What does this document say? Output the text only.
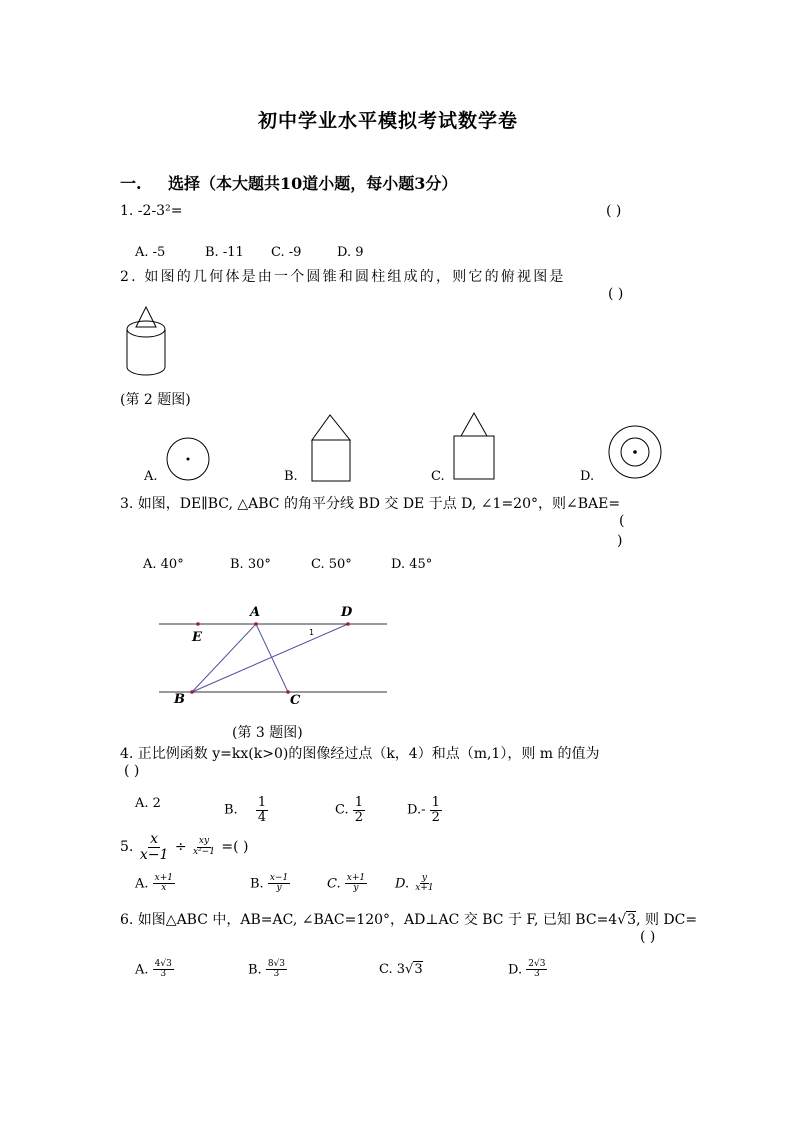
初中学业水平模拟考试数学卷
一. 选择（本大题共10道小题，每小题3分）
1. -2-3²=	( )
A. -5	B. -11 C. -9	D. 9
2. 如图的几何体是由一个圆锥和圆柱组成的，则它的俯视图是
( )
(第 2 题图)
A.	B.	C.	D.
3. 如图，DE∥BC, △ABC 的角平分线 BD 交 DE 于点 D, ∠1=20°，则∠BAE=
(
)
A. 40°	B. 30°	C. 50°	D. 45°
A	D
E
B	C
1
(第 3 题图)
4. 正比例函数 y=kx(k>0)的图像经过点（k，4）和点（m,1），则 m 的值为
( )
A. 2	B. $\frac{1}{4}$	C. $\frac{1}{2}$	$D.- \frac{1}{2}$
5. $\frac{x}{x-1} \div \frac{xy}{\text{x²−1}}$ =( )
A. $\frac{x+1}{x}$	B. $\frac{x-1}{y}$	C. $\frac{x+1}{y} D$. $\frac{y}{x+1}$
6. 如图△ABC 中，AB=AC, ∠BAC=120°，AD⊥AC 交 BC 于 F, 已知 BC=4√3, 则 DC=
( )
A. $\frac{4√3}{3}$	B. $\frac{8√3}{3}$	C. 3√3	D. $\frac{2√3}{3}$
